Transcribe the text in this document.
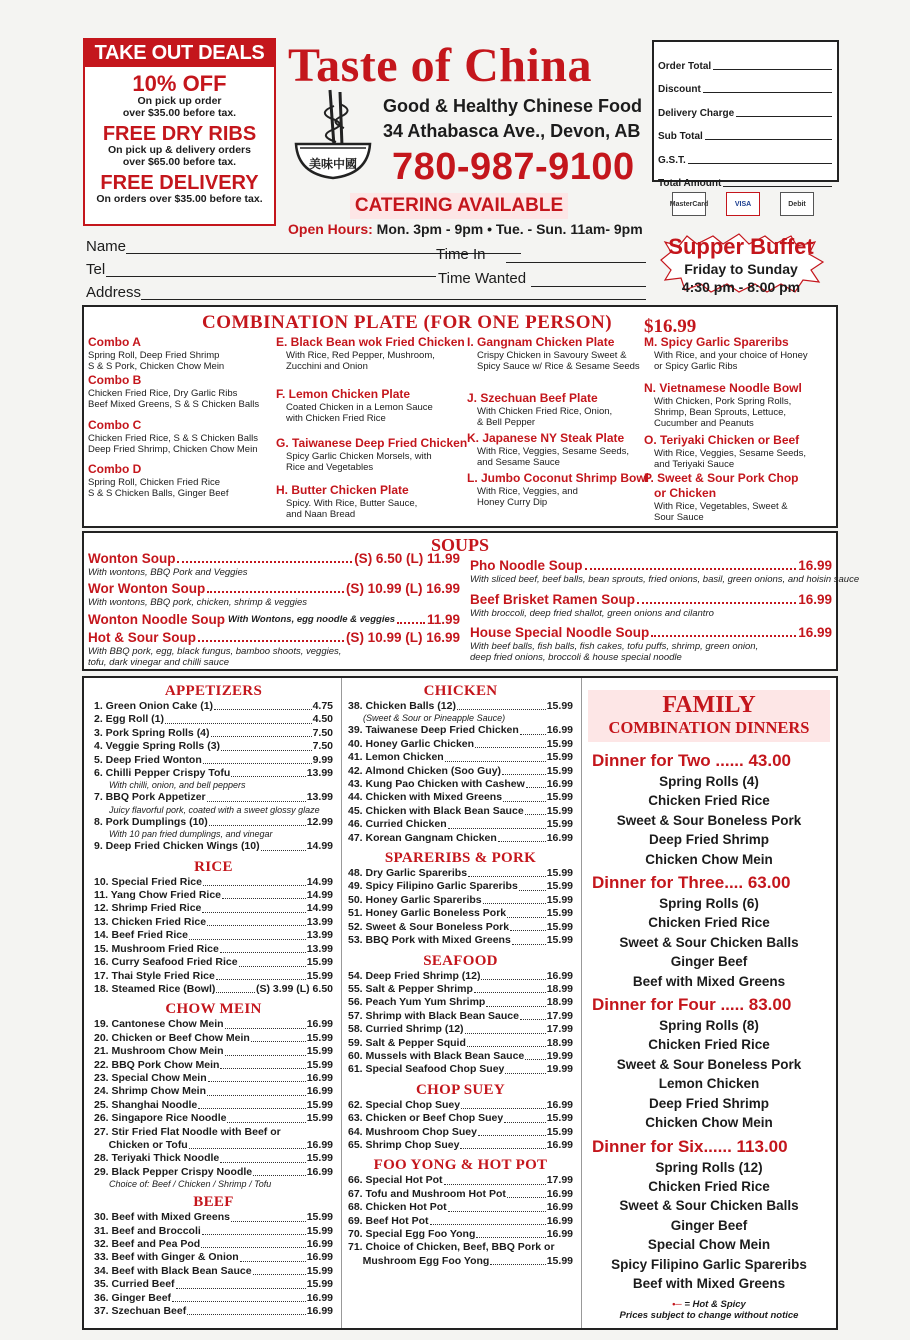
TAKE OUT DEALS
10% OFF
On pick up order
over $35.00 before tax.
FREE DRY RIBS
On pick up & delivery orders
over $65.00 before tax.
FREE DELIVERY
On orders over $35.00 before tax.
Taste of China
美味中國
Good & Healthy Chinese Food
34 Athabasca Ave., Devon, AB
780-987-9100
CATERING AVAILABLE
Open Hours: Mon. 3pm - 9pm • Tue. - Sun. 11am- 9pm
Order Total
Discount
Delivery Charge
Sub Total
G.S.T.
Total Amount
MasterCard	VISA	Debit
Name	Time In
Tel
Time Wanted
Address
Supper Buffet
Friday to Sunday
4:30 pm - 8:00 pm
COMBINATION PLATE (FOR ONE PERSON) $16.99
Combo A
Spring Roll, Deep Fried Shrimp
S & S Pork, Chicken Chow Mein
Combo B
Chicken Fried Rice, Dry Garlic Ribs
Beef Mixed Greens, S & S Chicken Balls
Combo C
Chicken Fried Rice, S & S Chicken Balls
Deep Fried Shrimp, Chicken Chow Mein
Combo D
Spring Roll, Chicken Fried Rice
S & S Chicken Balls, Ginger Beef
E. Black Bean wok Fried Chicken
With Rice, Red Pepper, Mushroom,
Zucchini and Onion
F. Lemon Chicken Plate
Coated Chicken in a Lemon Sauce
with Chicken Fried Rice
G. Taiwanese Deep Fried Chicken
Spicy Garlic Chicken Morsels, with
Rice and Vegetables
H. Butter Chicken Plate
Spicy. With Rice, Butter Sauce,
and Naan Bread
I. Gangnam Chicken Plate
Crispy Chicken in Savoury Sweet &
Spicy Sauce w/ Rice & Sesame Seeds
J. Szechuan Beef Plate
With Chicken Fried Rice, Onion,
& Bell Pepper
K. Japanese NY Steak Plate
With Rice, Veggies, Sesame Seeds,
and Sesame Sauce
L. Jumbo Coconut Shrimp Bowl
With Rice, Veggies, and
Honey Curry Dip
M. Spicy Garlic Spareribs
With Rice, and your choice of Honey
or Spicy Garlic Ribs
N. Vietnamese Noodle Bowl
With Chicken, Pork Spring Rolls,
Shrimp, Bean Sprouts, Lettuce,
Cucumber and Peanuts
O. Teriyaki Chicken or Beef
With Rice, Veggies, Sesame Seeds,
and Teriyaki Sauce
P. Sweet & Sour Pork Chop
or Chicken
With Rice, Vegetables, Sweet &
Sour Sauce
SOUPS
Wonton Soup	(S) 6.50 (L) 11.99
With wontons, BBQ Pork and Veggies
Wor Wonton Soup	(S) 10.99 (L) 16.99
With wontons, BBQ pork, chicken, shrimp & veggies
Wonton Noodle Soup With Wontons, egg noodle & veggies 11.99
Hot & Sour Soup	(S) 10.99 (L) 16.99
With BBQ pork, egg, black fungus, bamboo shoots, veggies,
tofu, dark vinegar and chilli sauce
Pho Noodle Soup	16.99
With sliced beef, beef balls, bean sprouts, fried onions, basil, green onions, and hoisin sauce
Beef Brisket Ramen Soup	16.99
With broccoli, deep fried shallot, green onions and cilantro
House Special Noodle Soup	16.99
With beef balls, fish balls, fish cakes, tofu puffs, shrimp, green onion,
deep fried onions, broccoli & house special noodle
APPETIZERS
1. Green Onion Cake (1)	4.75
2. Egg Roll (1)	4.50
3. Pork Spring Rolls (4)	7.50
4. Veggie Spring Rolls (3)	7.50
5. Deep Fried Wonton	9.99
6. Chilli Pepper Crispy Tofu	13.99
With chilli, onion, and bell peppers
7. BBQ Pork Appetizer	13.99
Juicy flavorful pork, coated with a sweet glossy glaze
8. Pork Dumplings (10)	12.99
With 10 pan fried dumplings, and vinegar
9. Deep Fried Chicken Wings (10)	14.99
RICE
10. Special Fried Rice	14.99
11. Yang Chow Fried Rice	14.99
12. Shrimp Fried Rice	14.99
13. Chicken Fried Rice	13.99
14. Beef Fried Rice	13.99
15. Mushroom Fried Rice	13.99
16. Curry Seafood Fried Rice	15.99
17. Thai Style Fried Rice	15.99
18. Steamed Rice (Bowl)	(S) 3.99 (L) 6.50
CHOW MEIN
19. Cantonese Chow Mein	16.99
20. Chicken or Beef Chow Mein	15.99
21. Mushroom Chow Mein	15.99
22. BBQ Pork Chow Mein	15.99
23. Special Chow Mein	16.99
24. Shrimp Chow Mein	16.99
25. Shanghai Noodle	15.99
26. Singapore Rice Noodle	15.99
27. Stir Fried Flat Noodle with Beef or
Chicken or Tofu	16.99
28. Teriyaki Thick Noodle	15.99
29. Black Pepper Crispy Noodle	16.99
Choice of: Beef / Chicken / Shrimp / Tofu
BEEF
30. Beef with Mixed Greens	15.99
31. Beef and Broccoli	15.99
32. Beef and Pea Pod	16.99
33. Beef with Ginger & Onion	16.99
34. Beef with Black Bean Sauce	15.99
35. Curried Beef	15.99
36. Ginger Beef	16.99
37. Szechuan Beef	16.99
CHICKEN
38. Chicken Balls (12)	15.99
(Sweet & Sour or Pineapple Sauce)
39. Taiwanese Deep Fried Chicken	16.99
40. Honey Garlic Chicken	15.99
41. Lemon Chicken	15.99
42. Almond Chicken (Soo Guy)	15.99
43. Kung Pao Chicken with Cashew 16.99
44. Chicken with Mixed Greens	15.99
45. Chicken with Black Bean Sauce 15.99
46. Curried Chicken	15.99
47. Korean Gangnam Chicken	16.99
SPARERIBS & PORK
48. Dry Garlic Spareribs	15.99
49. Spicy Filipino Garlic Spareribs	15.99
50. Honey Garlic Spareribs	15.99
51. Honey Garlic Boneless Pork	15.99
52. Sweet & Sour Boneless Pork	15.99
53. BBQ Pork with Mixed Greens	15.99
SEAFOOD
54. Deep Fried Shrimp (12)	16.99
55. Salt & Pepper Shrimp	18.99
56. Peach Yum Yum Shrimp	18.99
57. Shrimp with Black Bean Sauce	17.99
58. Curried Shrimp (12)	17.99
59. Salt & Pepper Squid	18.99
60. Mussels with Black Bean Sauce 19.99
61. Special Seafood Chop Suey	19.99
CHOP SUEY
62. Special Chop Suey	16.99
63. Chicken or Beef Chop Suey	15.99
64. Mushroom Chop Suey	15.99
65. Shrimp Chop Suey	16.99
FOO YONG & HOT POT
66. Special Hot Pot	17.99
67. Tofu and Mushroom Hot Pot	16.99
68. Chicken Hot Pot	16.99
69. Beef Hot Pot	16.99
70. Special Egg Foo Yong	16.99
71. Choice of Chicken, Beef, BBQ Pork or
Mushroom Egg Foo Yong	15.99
FAMILY
COMBINATION DINNERS
Dinner for Two ...... 43.00
Spring Rolls (4)
Chicken Fried Rice
Sweet & Sour Boneless Pork
Deep Fried Shrimp
Chicken Chow Mein
Dinner for Three.... 63.00
Spring Rolls (6)
Chicken Fried Rice
Sweet & Sour Chicken Balls
Ginger Beef
Beef with Mixed Greens
Dinner for Four ..... 83.00
Spring Rolls (8)
Chicken Fried Rice
Sweet & Sour Boneless Pork
Lemon Chicken
Deep Fried Shrimp
Chicken Chow Mein
Dinner for Six...... 113.00
Spring Rolls (12)
Chicken Fried Rice
Sweet & Sour Chicken Balls
Ginger Beef
Special Chow Mein
Spicy Filipino Garlic Spareribs
Beef with Mixed Greens
•─ = Hot & Spicy
Prices subject to change without notice
